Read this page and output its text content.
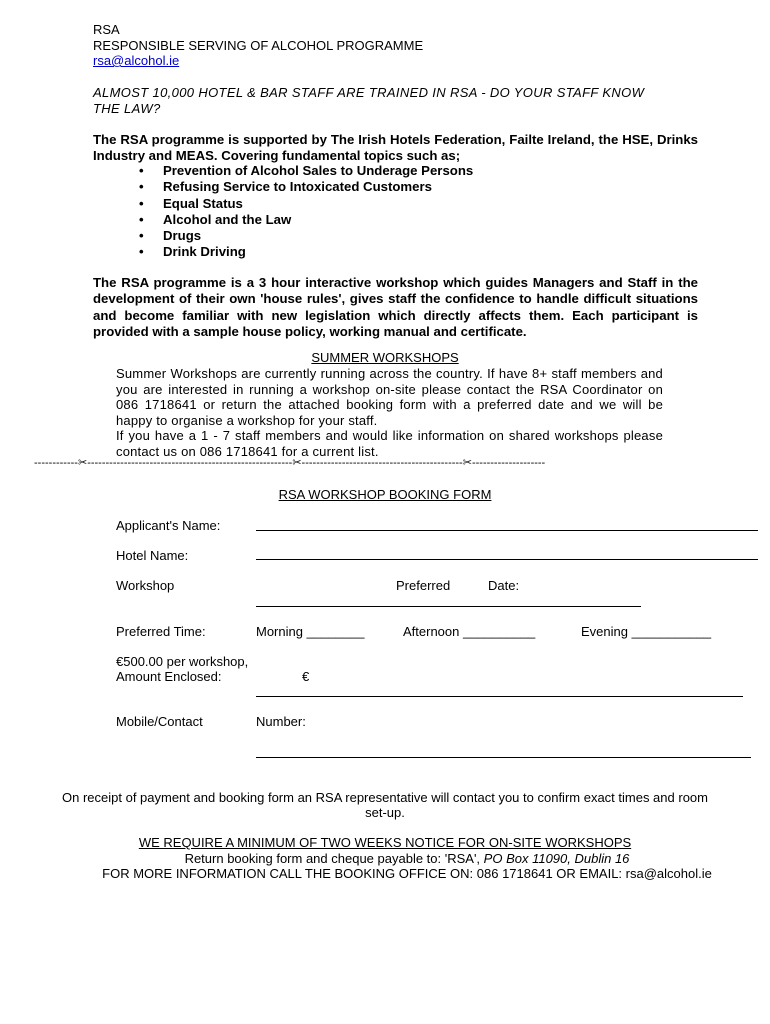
RSA
RESPONSIBLE SERVING OF ALCOHOL PROGRAMME
rsa@alcohol.ie
ALMOST 10,000 HOTEL & BAR STAFF ARE TRAINED IN RSA - DO YOUR STAFF KNOW
THE LAW?
The RSA programme is supported by The Irish Hotels Federation, Failte Ireland, the HSE, Drinks Industry and MEAS. Covering fundamental topics such as;
• Prevention of Alcohol Sales to Underage Persons
• Refusing Service to Intoxicated Customers
• Equal Status
• Alcohol and the Law
• Drugs
• Drink Driving
The RSA programme is a 3 hour interactive workshop which guides Managers and Staff in the development of their own 'house rules', gives staff the confidence to handle difficult situations and become familiar with new legislation which directly affects them. Each participant is provided with a sample house policy, working manual and certificate.
SUMMER WORKSHOPS
Summer Workshops are currently running across the country. If have 8+ staff members and you are interested in running a workshop on-site please contact the RSA Coordinator on 086 1718641 or return the attached booking form with a preferred date and we will be happy to organise a workshop for your staff.
If you have a 1 - 7 staff members and would like information on shared workshops please contact us on 086 1718641 for a current list.
------------✂--------------------------------------------------------✂--------------------------------------------✂--------------------
RSA WORKSHOP BOOKING FORM
Applicant's Name:
Hotel Name:
Workshop	Preferred	Date:
Preferred Time:	Morning ________	Afternoon __________	Evening ___________
€500.00 per workshop,
Amount Enclosed:	€
Mobile/Contact	Number:
On receipt of payment and booking form an RSA representative will contact you to confirm exact times and room
set-up.
WE REQUIRE A MINIMUM OF TWO WEEKS NOTICE FOR ON-SITE WORKSHOPS
Return booking form and cheque payable to: 'RSA', PO Box 11090, Dublin 16
FOR MORE INFORMATION CALL THE BOOKING OFFICE ON: 086 1718641 OR EMAIL: rsa@alcohol.ie
